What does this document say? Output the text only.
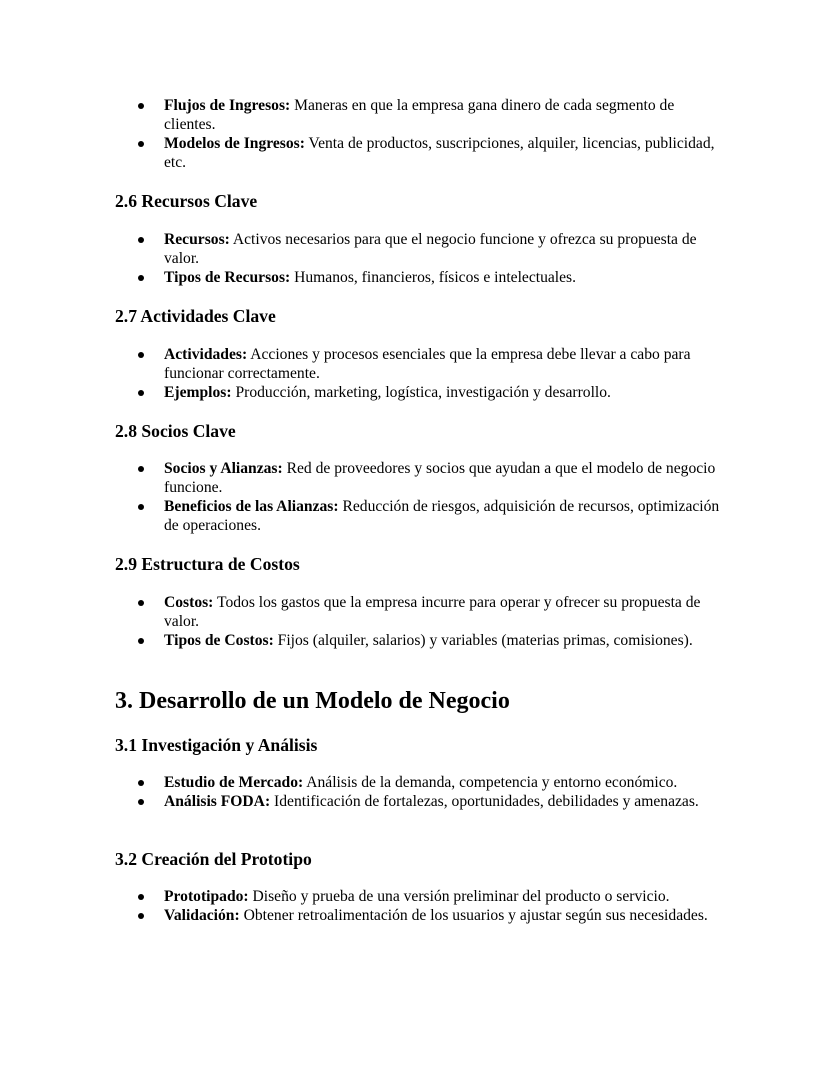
Flujos de Ingresos: Maneras en que la empresa gana dinero de cada segmento de clientes.
Modelos de Ingresos: Venta de productos, suscripciones, alquiler, licencias, publicidad, etc.
2.6 Recursos Clave
Recursos: Activos necesarios para que el negocio funcione y ofrezca su propuesta de valor.
Tipos de Recursos: Humanos, financieros, físicos e intelectuales.
2.7 Actividades Clave
Actividades: Acciones y procesos esenciales que la empresa debe llevar a cabo para funcionar correctamente.
Ejemplos: Producción, marketing, logística, investigación y desarrollo.
2.8 Socios Clave
Socios y Alianzas: Red de proveedores y socios que ayudan a que el modelo de negocio funcione.
Beneficios de las Alianzas: Reducción de riesgos, adquisición de recursos, optimización de operaciones.
2.9 Estructura de Costos
Costos: Todos los gastos que la empresa incurre para operar y ofrecer su propuesta de valor.
Tipos de Costos: Fijos (alquiler, salarios) y variables (materias primas, comisiones).
3. Desarrollo de un Modelo de Negocio
3.1 Investigación y Análisis
Estudio de Mercado: Análisis de la demanda, competencia y entorno económico.
Análisis FODA: Identificación de fortalezas, oportunidades, debilidades y amenazas.
3.2 Creación del Prototipo
Prototipado: Diseño y prueba de una versión preliminar del producto o servicio.
Validación: Obtener retroalimentación de los usuarios y ajustar según sus necesidades.
